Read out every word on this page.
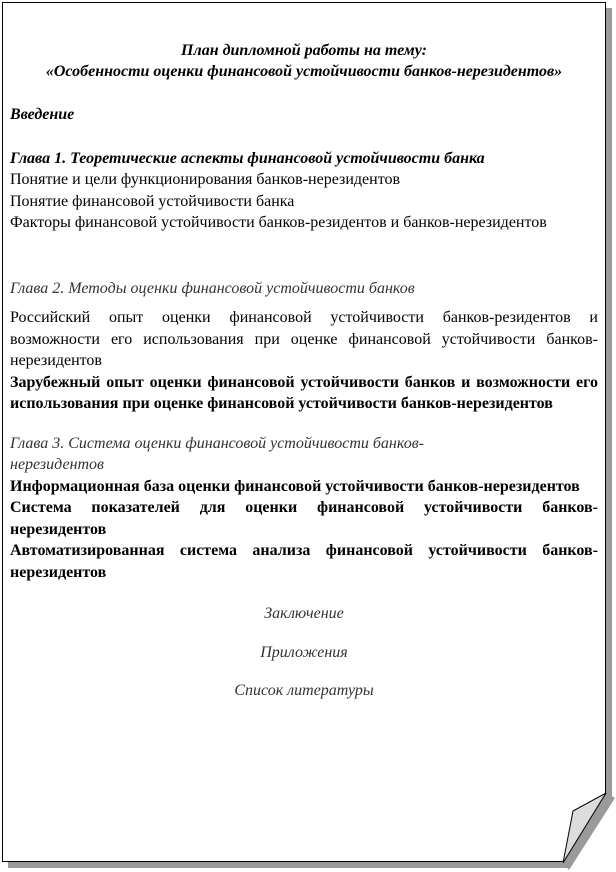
План дипломной работы на тему:
«Особенности оценки финансовой устойчивости банков-нерезидентов»

Введение

Глава 1. Теоретические аспекты финансовой устойчивости банка

Понятие и цели функционирования банков-нерезидентов

Понятие финансовой устойчивости банка

Факторы финансовой устойчивости банков-резидентов и банков-нерезидентов

Глава 2. Методы оценки финансовой устойчивости банков

Российский опыт оценки финансовой устойчивости банков-резидентов и возможности его использования при оценке финансовой устойчивости банков-нерезидентов

Зарубежный опыт оценки финансовой устойчивости банков и возможности его использования при оценке финансовой устойчивости банков-нерезидентов

Глава 3. Система оценки финансовой устойчивости банков-
нерезидентов

Информационная база оценки финансовой устойчивости банков-нерезидентов

Система показателей для оценки финансовой устойчивости банков-нерезидентов

Автоматизированная система анализа финансовой устойчивости банков-нерезидентов

Заключение

Приложения

Список литературы
